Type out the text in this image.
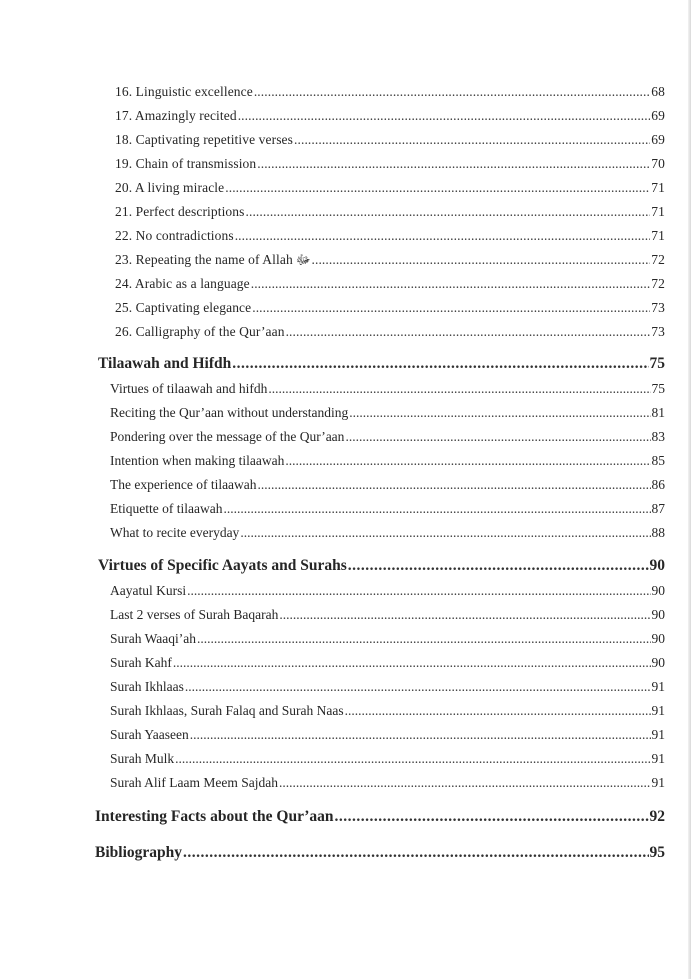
16. Linguistic excellence .....	68
17. Amazingly recited .....	69
18. Captivating repetitive verses .....	69
19. Chain of transmission .....	70
20. A living miracle .....	71
21. Perfect descriptions .....	71
22. No contradictions .....	71
23. Repeating the name of Allah ﷻ .....	72
24. Arabic as a language .....	72
25. Captivating elegance .....	73
26. Calligraphy of the Qur’aan .....	73
Tilaawah and Hifdh .....	75
Virtues of tilaawah and hifdh .....	75
Reciting the Qur’aan without understanding .....	81
Pondering over the message of the Qur’aan .....	83
Intention when making tilaawah .....	85
The experience of tilaawah .....	86
Etiquette of tilaawah .....	87
What to recite everyday .....	88
Virtues of Specific Aayats and Surahs .....	90
Aayatul Kursi .....	90
Last 2 verses of Surah Baqarah .....	90
Surah Waaqi’ah .....	90
Surah Kahf .....	90
Surah Ikhlaas .....	91
Surah Ikhlaas, Surah Falaq and Surah Naas .....	91
Surah Yaaseen .....	91
Surah Mulk .....	91
Surah Alif Laam Meem Sajdah .....	91
Interesting Facts about the Qur’aan .....	92
Bibliography .....	95
